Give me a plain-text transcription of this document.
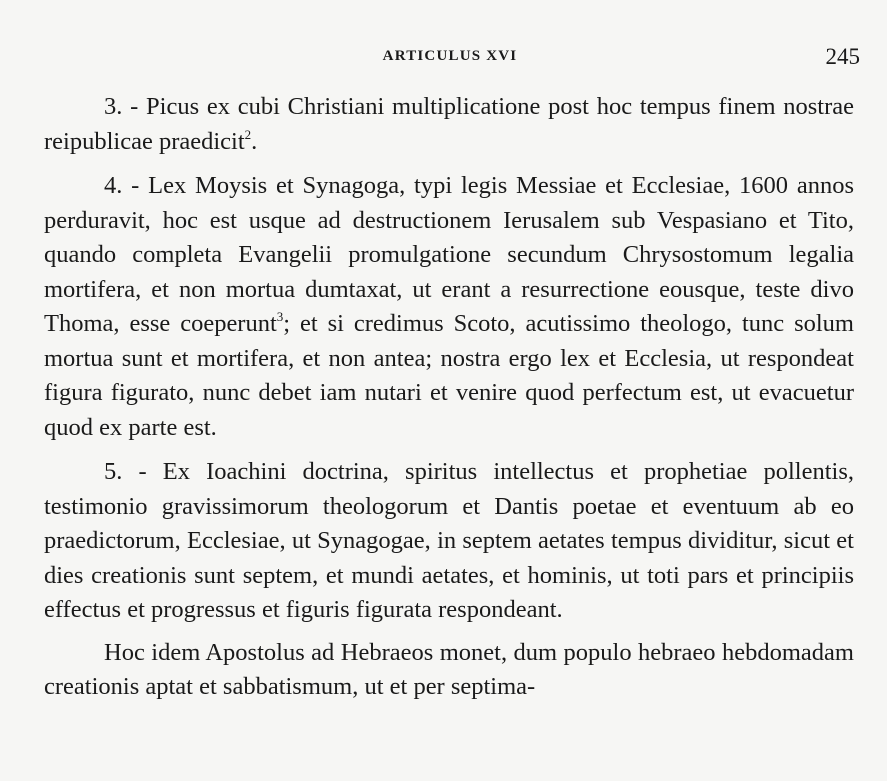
ARTICULUS XVI	245

3. - Picus ex cubi Christiani multiplicatione post hoc tempus finem nostrae reipublicae praedicit$^2$.

4. - Lex Moysis et Synagoga, typi legis Messiae et Ecclesiae, 1600 annos perduravit, hoc est usque ad destructionem Ierusalem sub Vespasiano et Tito, quando completa Evangelii promulgatione secundum Chrysostomum legalia mortifera, et non mortua dumtaxat, ut erant a resurrectione eousque, teste divo Thoma, esse coeperunt$^3$; et si credimus Scoto, acutissimo theologo, tunc solum mortua sunt et mortifera, et non antea; nostra ergo lex et Ecclesia, ut respondeat figura figurato, nunc debet iam nutari et venire quod perfectum est, ut evacuetur quod ex parte est.

5. - Ex Ioachini doctrina, spiritus intellectus et prophetiae pollentis, testimonio gravissimorum theologorum et Dantis poetae et eventuum ab eo praedictorum, Ecclesiae, ut Synagogae, in septem aetates tempus dividitur, sicut et dies creationis sunt septem, et mundi aetates, et hominis, ut toti pars et principiis effectus et progressus et figuris figurata respondeant.

Hoc idem Apostolus ad Hebraeos monet, dum populo hebraeo hebdomadam creationis aptat et sabbatismum, ut et per septima-
